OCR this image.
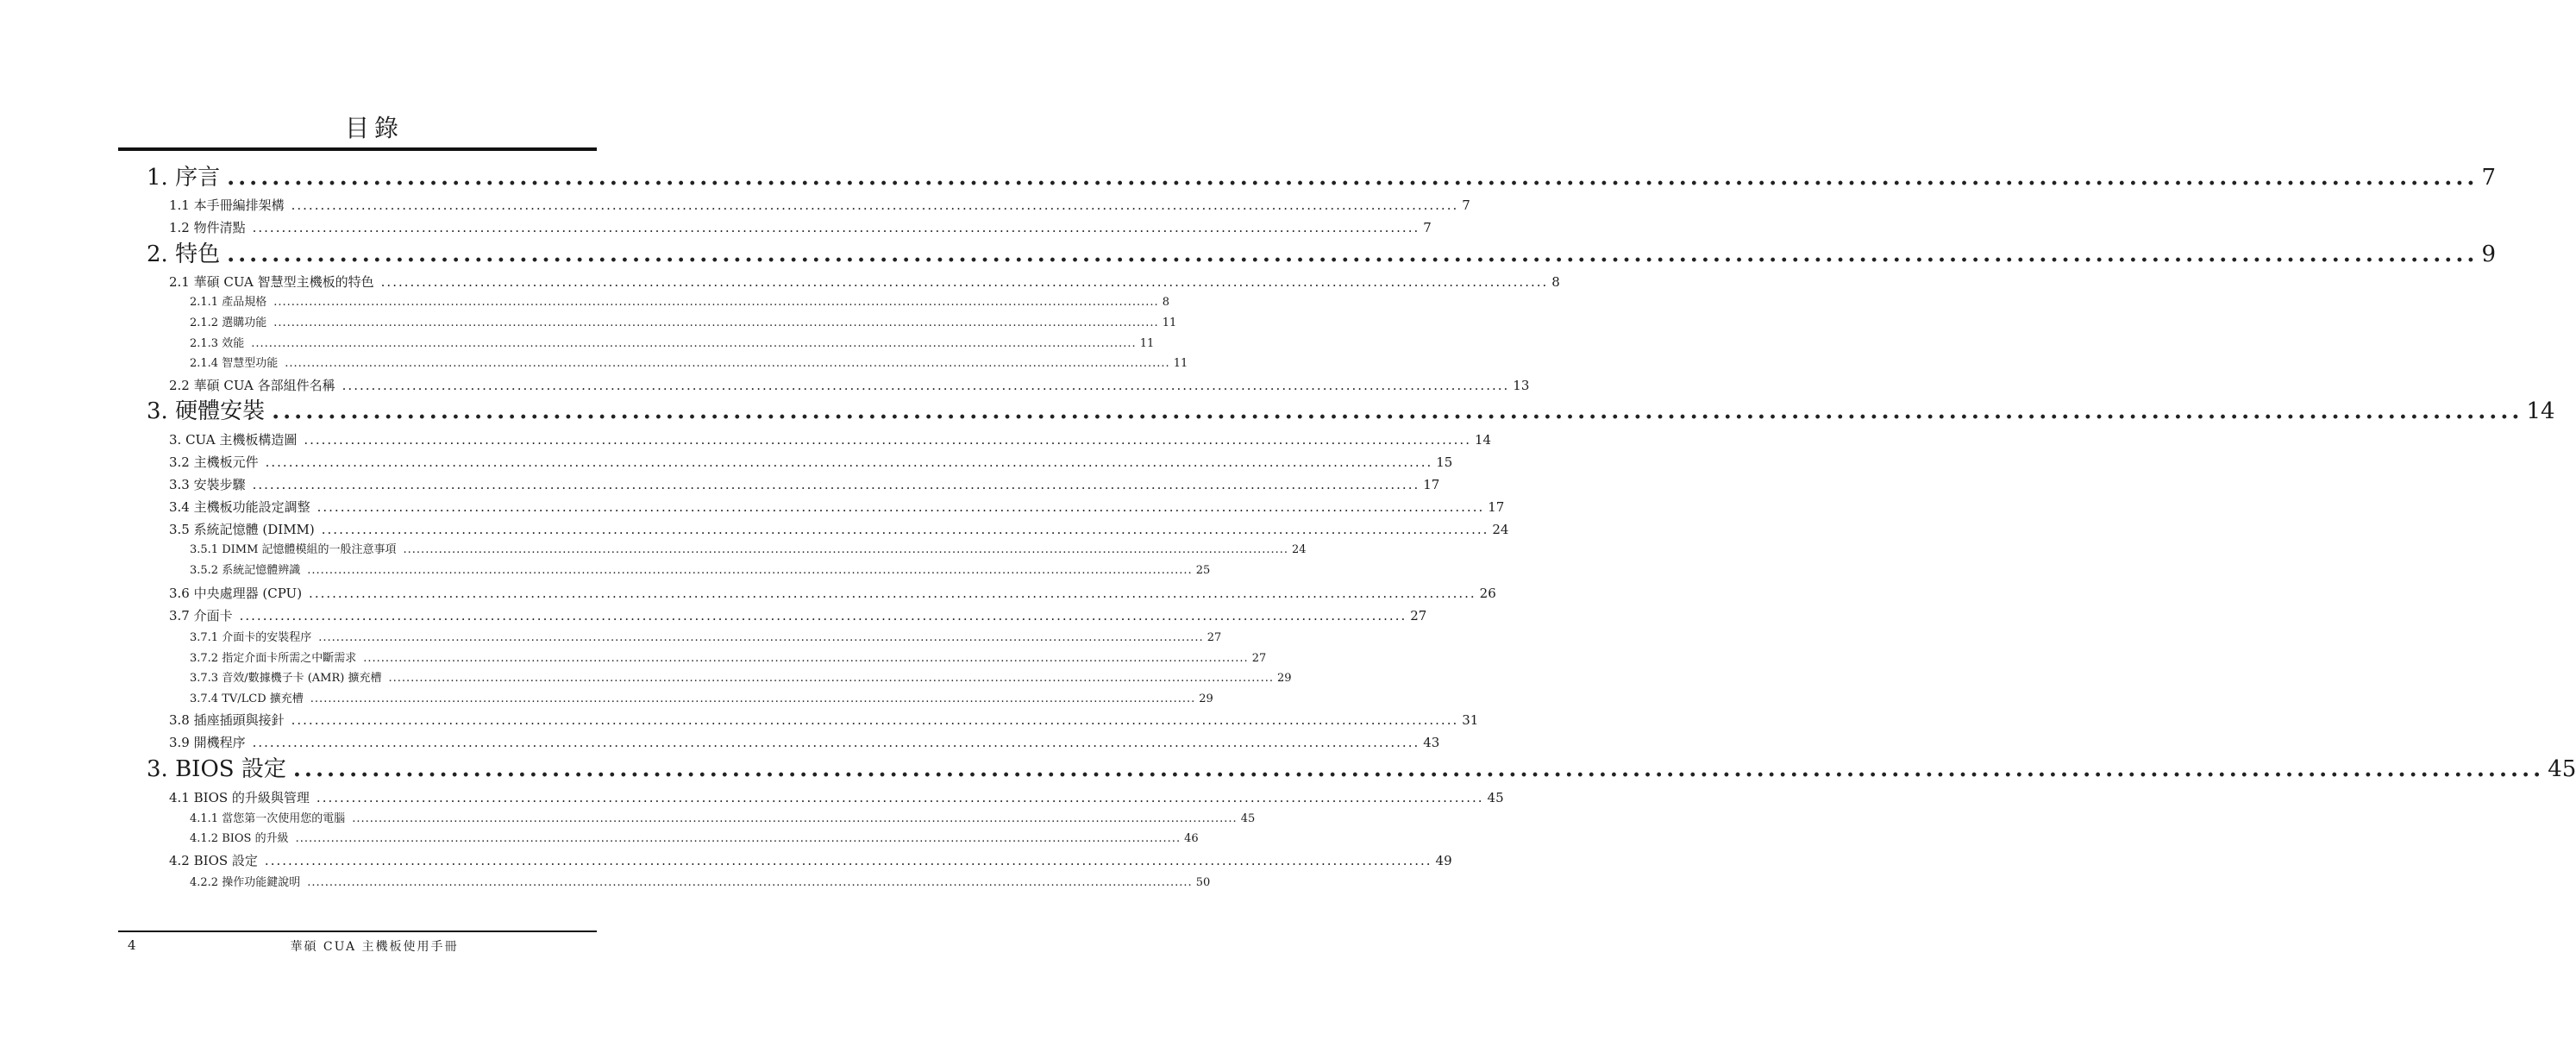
目錄
1. 序言 ........................................................................................................................................................................................................ 7
1.1 本手冊編排架構 ........................................................................................................................................................................................................ 7
1.2 物件清點 ........................................................................................................................................................................................................ 7
2. 特色 ........................................................................................................................................................................................................ 9
2.1 華碩 CUA 智慧型主機板的特色 ........................................................................................................................................................................................................ 8
2.1.1 產品規格 ........................................................................................................................................................................................................ 8
2.1.2 選購功能 ........................................................................................................................................................................................................ 11
2.1.3 效能 ........................................................................................................................................................................................................ 11
2.1.4 智慧型功能 ........................................................................................................................................................................................................ 11
2.2 華碩 CUA 各部組件名稱 ........................................................................................................................................................................................................ 13
3. 硬體安裝 ........................................................................................................................................................................................................ 14
3. CUA 主機板構造圖 ........................................................................................................................................................................................................ 14
3.2 主機板元件 ........................................................................................................................................................................................................ 15
3.3 安裝步驟 ........................................................................................................................................................................................................ 17
3.4 主機板功能設定調整 ........................................................................................................................................................................................................ 17
3.5 系統記憶體 (DIMM) ........................................................................................................................................................................................................ 24
3.5.1 DIMM 記憶體模組的一般注意事項 ........................................................................................................................................................................................................ 24
3.5.2 系統記憶體辨識 ........................................................................................................................................................................................................ 25
3.6 中央處理器 (CPU) ........................................................................................................................................................................................................ 26
3.7 介面卡 ........................................................................................................................................................................................................ 27
3.7.1 介面卡的安裝程序 ........................................................................................................................................................................................................ 27
3.7.2 指定介面卡所需之中斷需求 ........................................................................................................................................................................................................ 27
3.7.3 音效/數據機子卡 (AMR) 擴充槽 ........................................................................................................................................................................................................ 29
3.7.4 TV/LCD 擴充槽 ........................................................................................................................................................................................................ 29
3.8 插座插頭與接針 ........................................................................................................................................................................................................ 31
3.9 開機程序 ........................................................................................................................................................................................................ 43
3. BIOS 設定 ........................................................................................................................................................................................................ 45
4.1 BIOS 的升級與管理 ........................................................................................................................................................................................................ 45
4.1.1 當您第一次使用您的電腦 ........................................................................................................................................................................................................ 45
4.1.2 BIOS 的升級 ........................................................................................................................................................................................................ 46
4.2 BIOS 設定 ........................................................................................................................................................................................................ 49
4.2.2 操作功能鍵說明 ........................................................................................................................................................................................................ 50
4	華碩 CUA 主機板使用手冊
